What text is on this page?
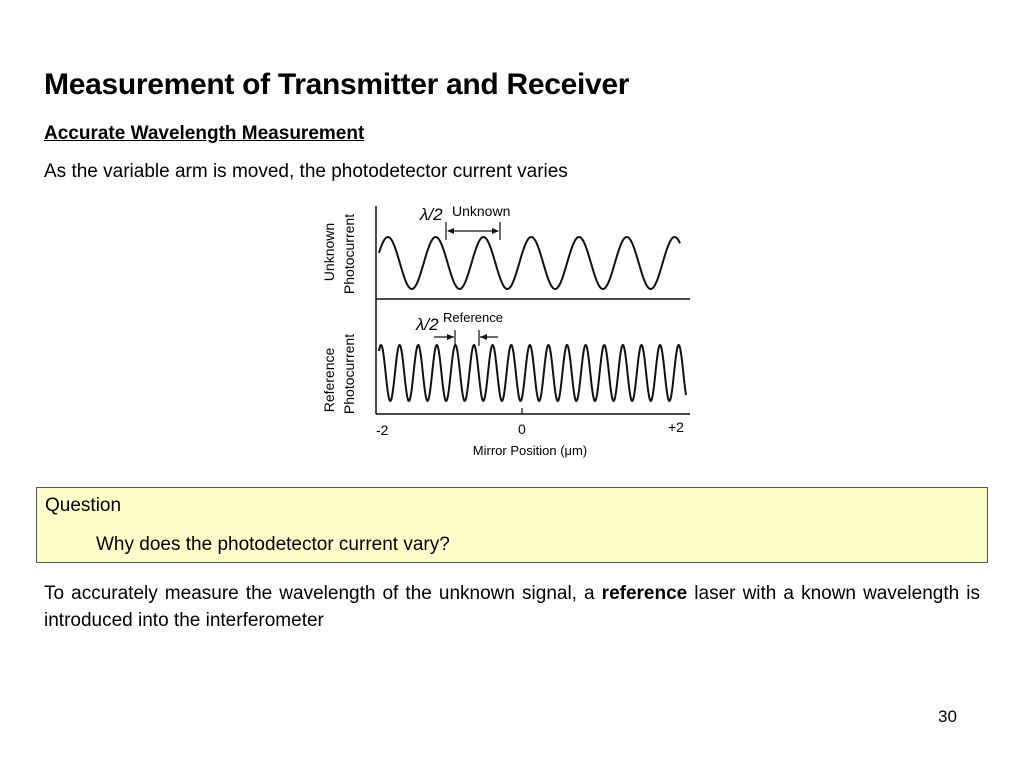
Measurement of Transmitter and Receiver
Accurate Wavelength Measurement
As the variable arm is moved, the photodetector current varies
λ/2 Unknown
λ/2 Reference
Unknown Photocurrent
Reference Photocurrent
-2	0	+2
Mirror Position (μm)
Question
Why does the photodetector current vary?
To accurately measure the wavelength of the unknown signal, a reference laser with a known wavelength is introduced into the interferometer
30
